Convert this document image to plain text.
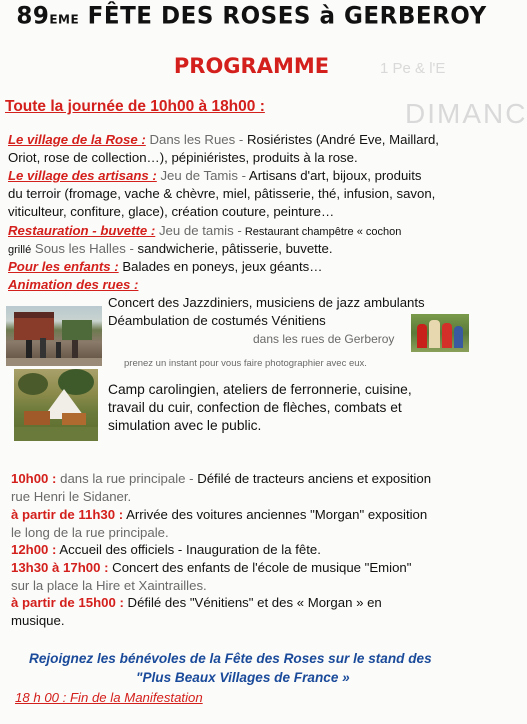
1 Pe & l'E
DIMANC
89EME FÊTE DES ROSES à GERBEROY
PROGRAMME
Toute la journée de 10h00 à 18h00 :
Le village de la Rose : Dans les Rues - Rosiéristes (André Eve, Maillard,
Oriot, rose de collection…), pépiniéristes, produits à la rose.
Le village des artisans : Jeu de Tamis - Artisans d'art, bijoux, produits
du terroir (fromage, vache & chèvre, miel, pâtisserie, thé, infusion, savon,
viticulteur, confiture, glace), création couture, peinture…
Restauration - buvette : Jeu de tamis - Restaurant champêtre « cochon
grillé Sous les Halles - sandwicherie, pâtisserie, buvette.
Pour les enfants : Balades en poneys, jeux géants…
Animation des rues :
Concert des Jazzdiniers, musiciens de jazz ambulants
Déambulation de costumés Vénitiens
dans les rues de Gerberoy
prenez un instant pour vous faire photographier avec eux.
Camp carolingien, ateliers de ferronnerie, cuisine,
travail du cuir, confection de flèches, combats et
simulation avec le public.
10h00 : dans la rue principale - Défilé de tracteurs anciens et exposition
rue Henri le Sidaner.
à partir de 11h30 : Arrivée des voitures anciennes "Morgan" exposition
le long de la rue principale.
12h00 : Accueil des officiels - Inauguration de la fête.
13h30 à 17h00 : Concert des enfants de l'école de musique "Emion"
sur la place la Hire et Xaintrailles.
à partir de 15h00 : Défilé des "Vénitiens" et des « Morgan » en
musique.
Rejoignez les bénévoles de la Fête des Roses sur le stand des
"Plus Beaux Villages de France »
18 h 00 : Fin de la Manifestation
